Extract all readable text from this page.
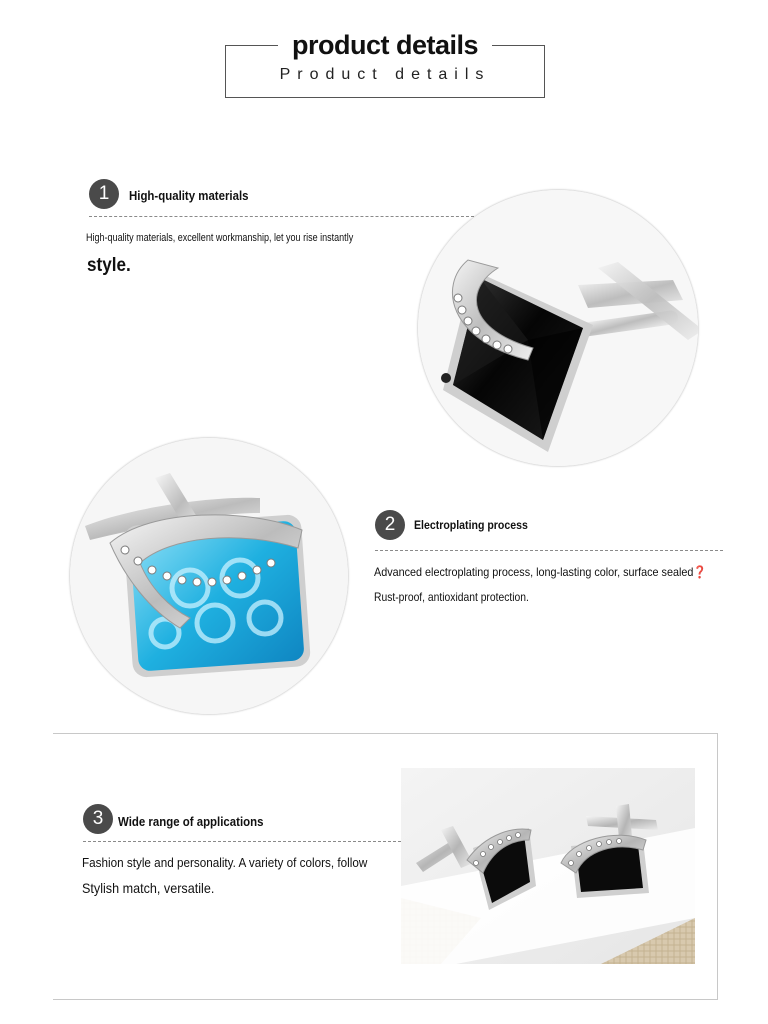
product details
Product details
1	High-quality materials
High-quality materials, excellent workmanship, let you rise instantly
style.
2	Electroplating process
Advanced electroplating process, long-lasting color, surface sealed❓
Rust-proof, antioxidant protection.
3	Wide range of applications
Fashion style and personality. A variety of colors, follow
Stylish match, versatile.
